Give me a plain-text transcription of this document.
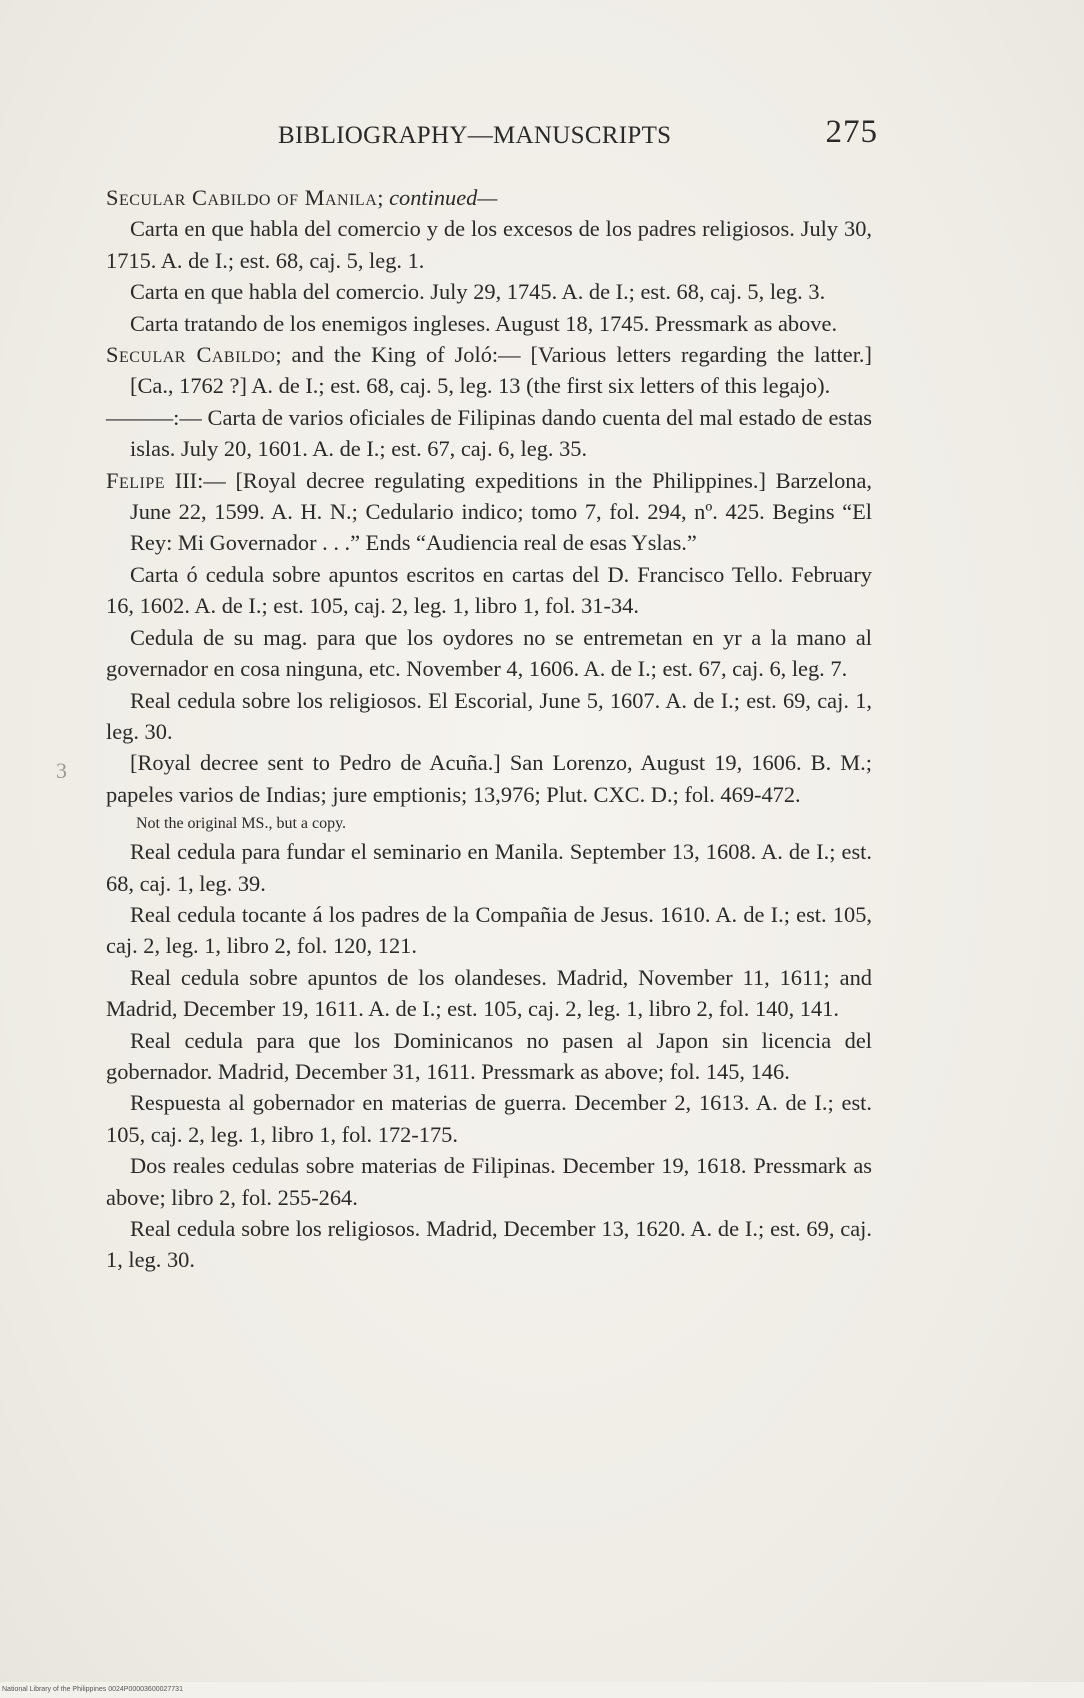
BIBLIOGRAPHY—MANUSCRIPTS	275
3

Secular Cabildo of Manila; continued—

Carta en que habla del comercio y de los excesos de los padres religiosos. July 30, 1715. A. de I.; est. 68, caj. 5, leg. 1.

Carta en que habla del comercio. July 29, 1745. A. de I.; est. 68, caj. 5, leg. 3.

Carta tratando de los enemigos ingleses. August 18, 1745. Pressmark as above.

Secular Cabildo; and the King of Joló:— [Various letters regarding the latter.] [Ca., 1762 ?] A. de I.; est. 68, caj. 5, leg. 13 (the first six letters of this legajo).

———:— Carta de varios oficiales de Filipinas dando cuenta del mal estado de estas islas. July 20, 1601. A. de I.; est. 67, caj. 6, leg. 35.

Felipe III:— [Royal decree regulating expeditions in the Philippines.] Barzelona, June 22, 1599. A. H. N.; Cedulario indico; tomo 7, fol. 294, nº. 425. Begins “El Rey: Mi Governador . . .” Ends “Audiencia real de esas Yslas.”

Carta ó cedula sobre apuntos escritos en cartas del D. Francisco Tello. February 16, 1602. A. de I.; est. 105, caj. 2, leg. 1, libro 1, fol. 31-34.

Cedula de su mag. para que los oydores no se entremetan en yr a la mano al governador en cosa ninguna, etc. November 4, 1606. A. de I.; est. 67, caj. 6, leg. 7.

Real cedula sobre los religiosos. El Escorial, June 5, 1607. A. de I.; est. 69, caj. 1, leg. 30.

[Royal decree sent to Pedro de Acuña.] San Lorenzo, August 19, 1606. B. M.; papeles varios de Indias; jure emptionis; 13,976; Plut. CXC. D.; fol. 469-472.

Not the original MS., but a copy.

Real cedula para fundar el seminario en Manila. September 13, 1608. A. de I.; est. 68, caj. 1, leg. 39.

Real cedula tocante á los padres de la Compañia de Jesus. 1610. A. de I.; est. 105, caj. 2, leg. 1, libro 2, fol. 120, 121.

Real cedula sobre apuntos de los olandeses. Madrid, November 11, 1611; and Madrid, December 19, 1611. A. de I.; est. 105, caj. 2, leg. 1, libro 2, fol. 140, 141.

Real cedula para que los Dominicanos no pasen al Japon sin licencia del gobernador. Madrid, December 31, 1611. Pressmark as above; fol. 145, 146.

Respuesta al gobernador en materias de guerra. December 2, 1613. A. de I.; est. 105, caj. 2, leg. 1, libro 1, fol. 172-175.

Dos reales cedulas sobre materias de Filipinas. December 19, 1618. Pressmark as above; libro 2, fol. 255-264.

Real cedula sobre los religiosos. Madrid, December 13, 1620. A. de I.; est. 69, caj. 1, leg. 30.

National Library of the Philippines 0024P00003600027731
